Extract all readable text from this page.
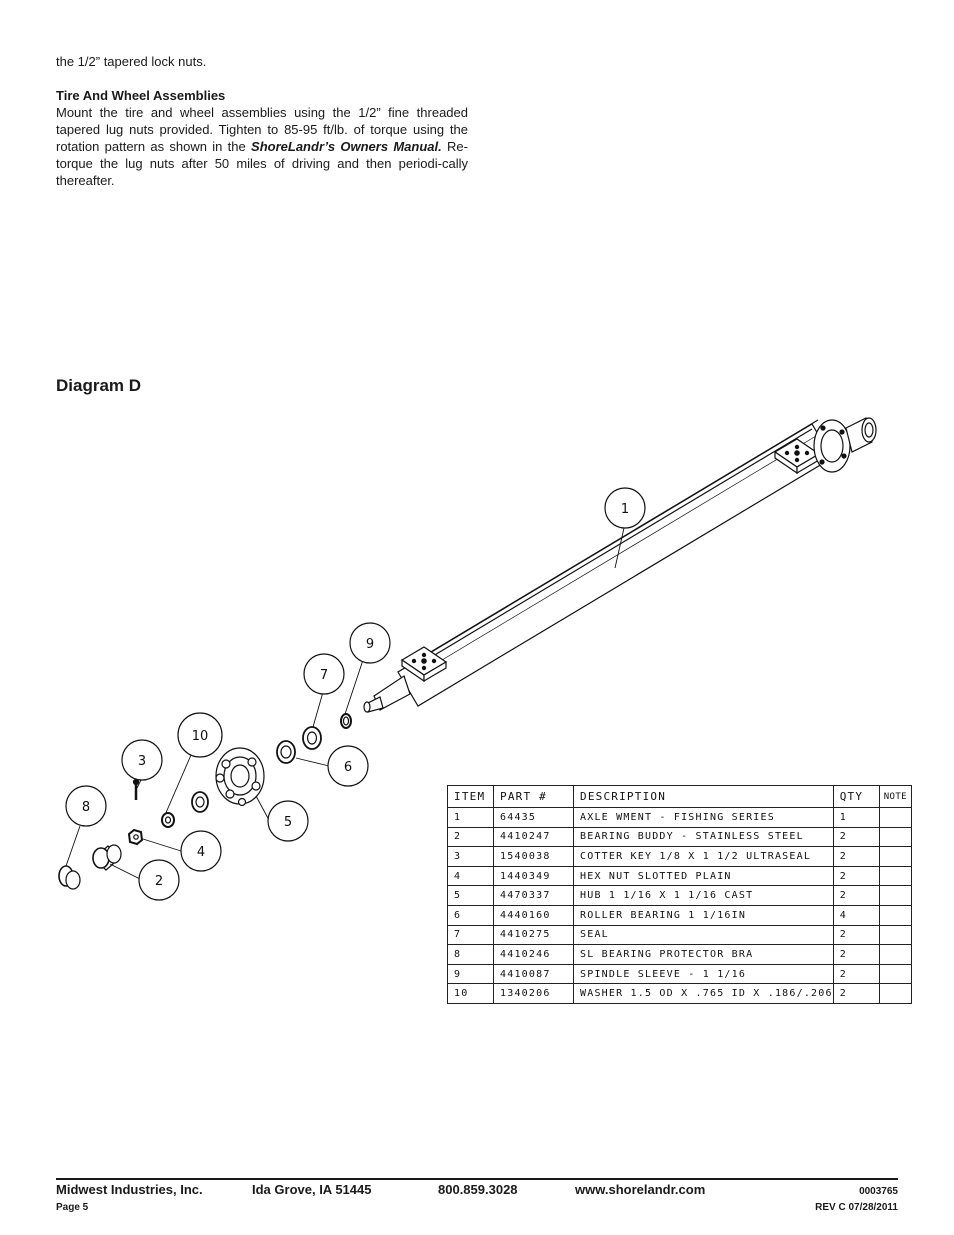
the 1/2” tapered lock nuts.

Tire And Wheel Assemblies

Mount the tire and wheel assemblies using the 1/2” fine threaded tapered lug nuts provided. Tighten to 85-95 ft/lb. of torque using the rotation pattern as shown in the ShoreLandr’s Owners Manual. Re-torque the lug nuts after 50 miles of driving and then periodi-cally thereafter.

Diagram D
1
9
7
6
10
3
5
8
4
2
ITEM	PART #	DESCRIPTION	QTY	NOTE
1	64435	AXLE WMENT - FISHING SERIES	1	
2	4410247	BEARING BUDDY - STAINLESS STEEL	2	
3	1540038	COTTER KEY 1/8 X 1 1/2 ULTRASEAL	2	
4	1440349	HEX NUT SLOTTED PLAIN	2	
5	4470337	HUB 1 1/16 X 1 1/16 CAST	2	
6	4440160	ROLLER BEARING 1 1/16IN	4	
7	4410275	SEAL	2	
8	4410246	SL BEARING PROTECTOR BRA	2	
9	4410087	SPINDLE SLEEVE - 1 1/16	2	
10	1340206	WASHER 1.5 OD X .765 ID X .186/.206	2	
Midwest Industries, Inc.	Ida Grove, IA 51445	800.859.3028	www.shorelandr.com	0003765
Page 5	REV C 07/28/2011
